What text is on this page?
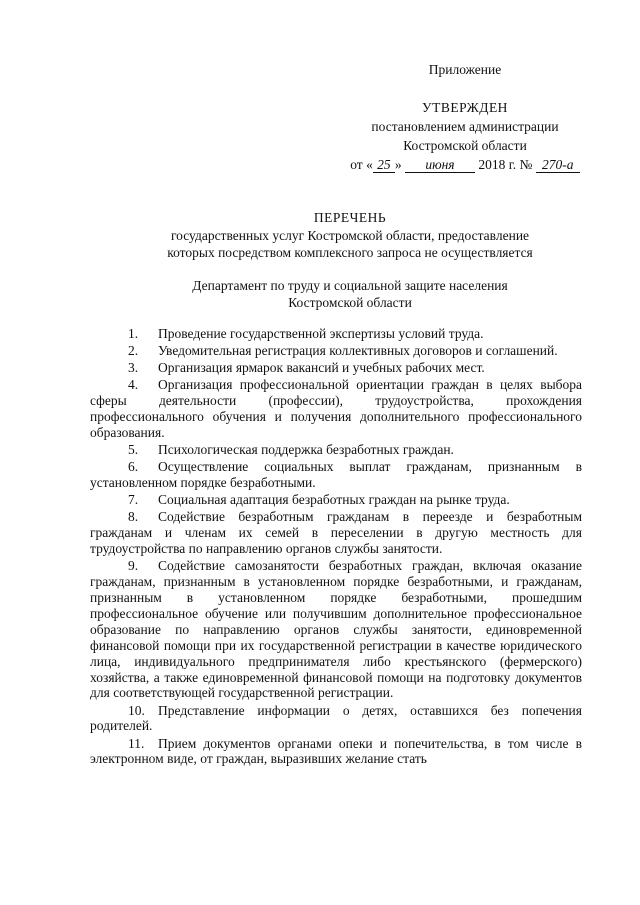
Приложение
УТВЕРЖДЕН
постановлением администрации
Костромской области
от « 25 » июня 2018 г. № 270-а
ПЕРЕЧЕНЬ
государственных услуг Костромской области, предоставление
которых посредством комплексного запроса не осуществляется
Департамент по труду и социальной защите населения
Костромской области
1. Проведение государственной экспертизы условий труда.
2. Уведомительная регистрация коллективных договоров и соглашений.
3. Организация ярмарок вакансий и учебных рабочих мест.
4. Организация профессиональной ориентации граждан в целях выбора сферы деятельности (профессии), трудоустройства, прохождения профессионального обучения и получения дополнительного профессионального образования.
5. Психологическая поддержка безработных граждан.
6. Осуществление социальных выплат гражданам, признанным в установленном порядке безработными.
7. Социальная адаптация безработных граждан на рынке труда.
8. Содействие безработным гражданам в переезде и безработным гражданам и членам их семей в переселении в другую местность для трудоустройства по направлению органов службы занятости.
9. Содействие самозанятости безработных граждан, включая оказание гражданам, признанным в установленном порядке безработными, и гражданам, признанным в установленном порядке безработными, прошедшим профессиональное обучение или получившим дополнительное профессиональное образование по направлению органов службы занятости, единовременной финансовой помощи при их государственной регистрации в качестве юридического лица, индивидуального предпринимателя либо крестьянского (фермерского) хозяйства, а также единовременной финансовой помощи на подготовку документов для соответствующей государственной регистрации.
10. Представление информации о детях, оставшихся без попечения родителей.
11. Прием документов органами опеки и попечительства, в том числе в электронном виде, от граждан, выразивших желание стать
